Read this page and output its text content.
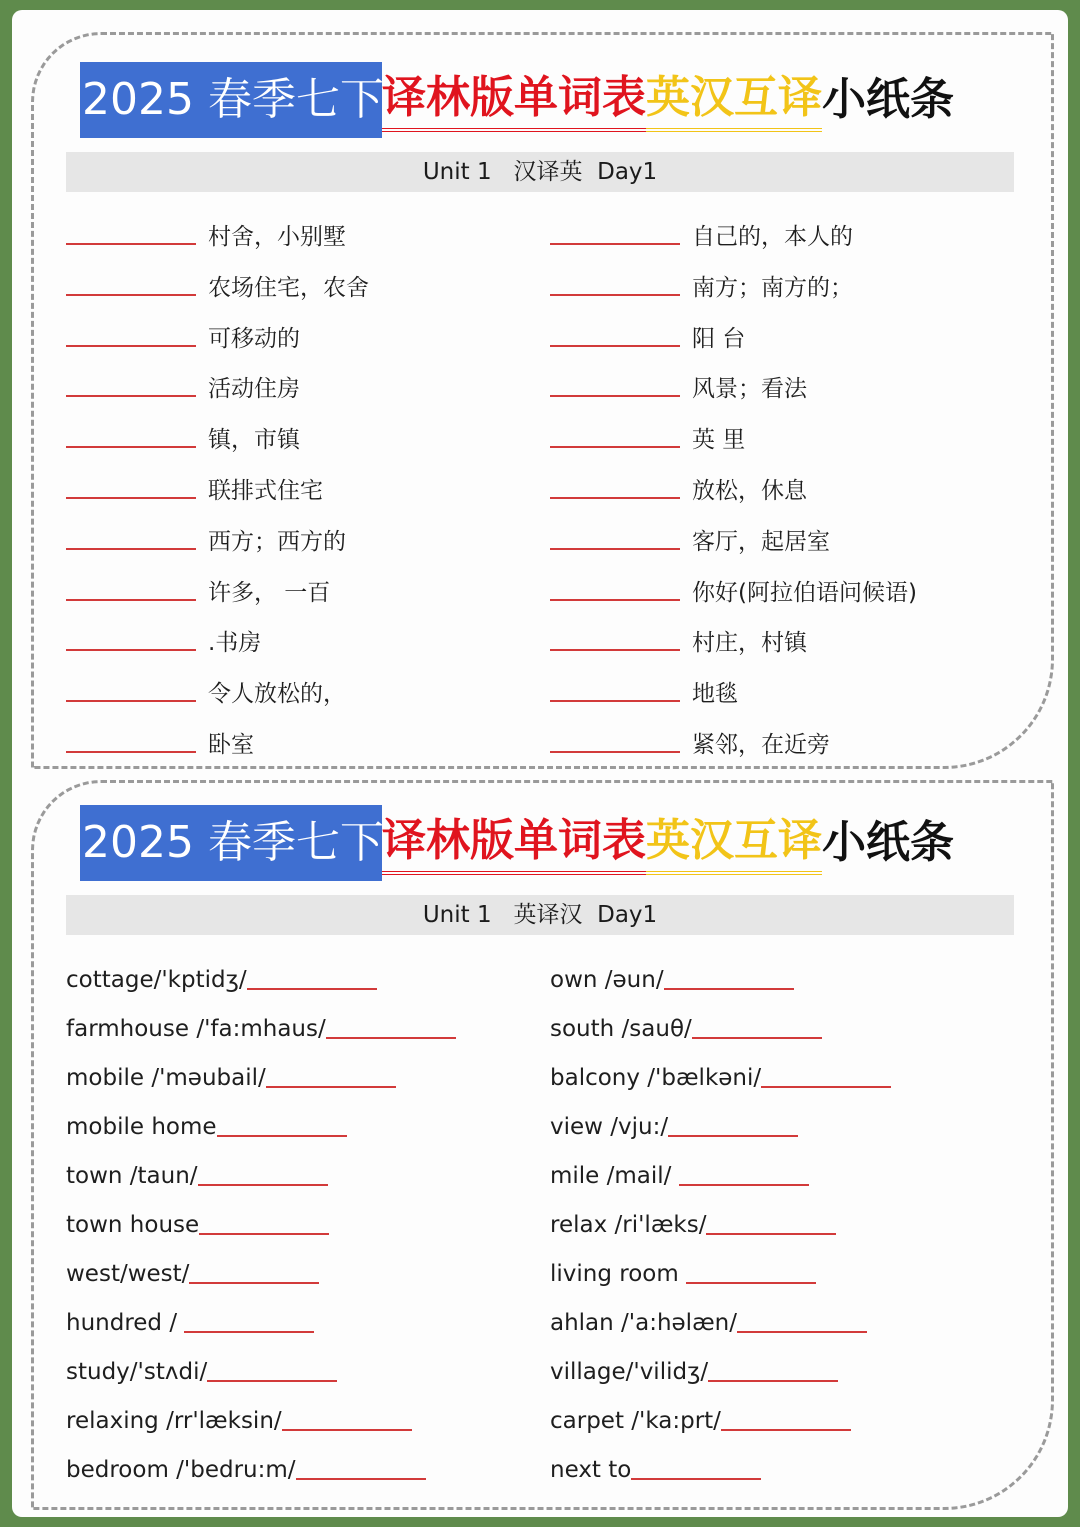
2025 春季七下
译林版单词表 英汉互译 小纸条
Unit 1   汉译英  Day1
村舍，小别墅
农场住宅，农舍
可移动的
活动住房
镇，市镇
联排式住宅
西方；西方的
许多， 一百
.书房
令人放松的，
卧室
自己的，本人的
南方；南方的；
阳 台
风景；看法
英 里
放松，休息
客厅，起居室
你好(阿拉伯语问候语)
村庄，村镇
地毯
紧邻，在近旁
2025 春季七下
译林版单词表 英汉互译 小纸条
Unit 1   英译汉  Day1
cottage/'kptidʒ/
farmhouse /'fa:mhaus/
mobile /'məubail/
mobile home
town /taun/
town house
west/west/
hundred /
study/'stʌdi/
relaxing /rr'læksin/
bedroom /'bedru:m/
own /əun/
south /sauθ/
balcony /'bælkəni/
view /vju:/
mile /mail/
relax /ri'læks/
living room
ahlan /'a:həlæn/
village/'vilidʒ/
carpet /'ka:prt/
next to
